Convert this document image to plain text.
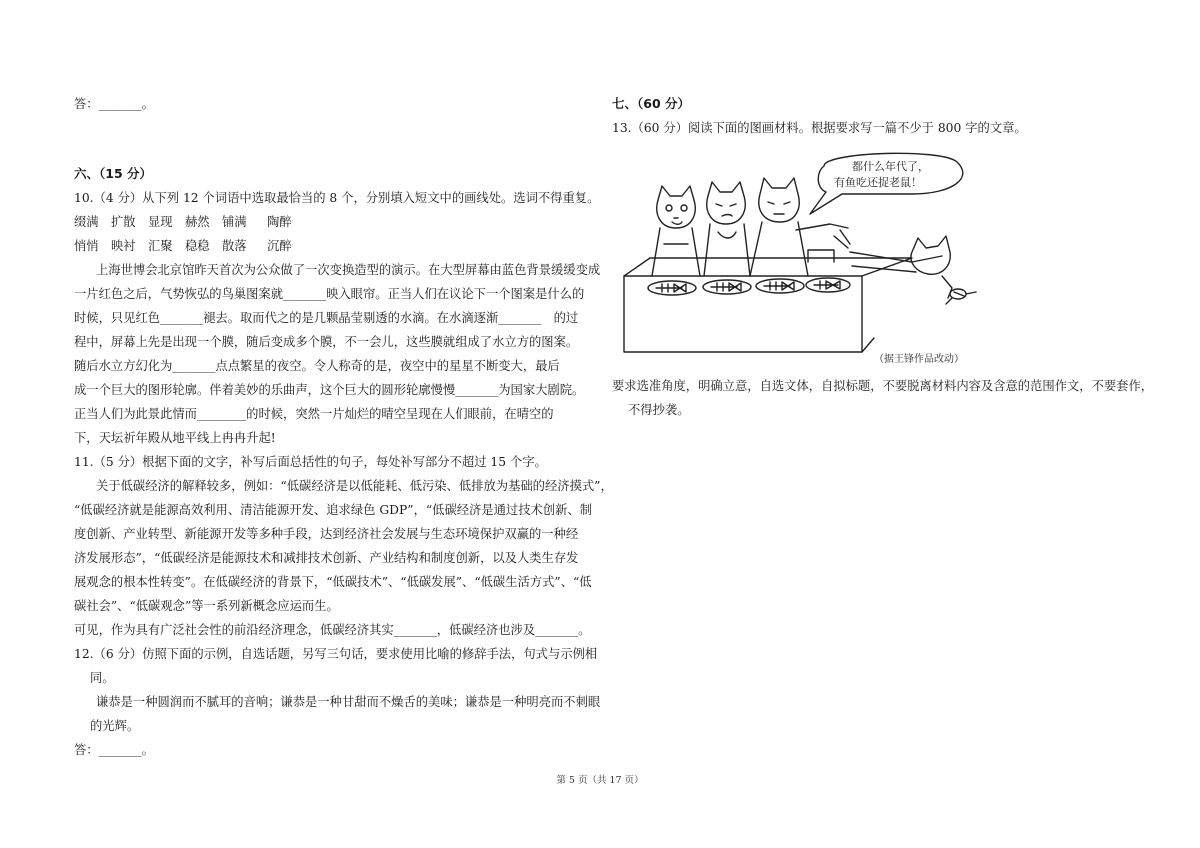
答：_______。
六、（15 分）
10.（4 分）从下列 12 个词语中选取最恰当的 8 个，分别填入短文中的画线处。选词不得重复。
缀满	扩散	显现	赫然	铺满	陶醉
悄悄	映衬	汇聚	稳稳	散落	沉醉
上海世博会北京馆昨天首次为公众做了一次变换造型的演示。在大型屏幕由蓝色背景缓缓变成
一片红色之后，气势恢弘的鸟巢图案就_______映入眼帘。正当人们在议论下一个图案是什么的
时候，只见红色_______褪去。取而代之的是几颗晶莹剔透的水滴。在水滴逐渐_______　的过
程中，屏幕上先是出现一个膜，随后变成多个膜，不一会儿，这些膜就组成了水立方的图案。
随后水立方幻化为_______点点繁星的夜空。令人称奇的是，夜空中的星星不断变大，最后
成一个巨大的图形轮廓。伴着美妙的乐曲声，这个巨大的圆形轮廓慢慢_______为国家大剧院。
正当人们为此景此情而________的时候，突然一片灿烂的晴空呈现在人们眼前，在晴空的
下，天坛祈年殿从地平线上冉冉升起!
11.（5 分）根据下面的文字，补写后面总括性的句子，每处补写部分不超过 15 个字。
关于低碳经济的解释较多，例如：“低碳经济是以低能耗、低污染、低排放为基础的经济摸式”，
“低碳经济就是能源高效利用、清洁能源开发、追求绿色 GDP”，“低碳经济是通过技术创新、制
度创新、产业转型、新能源开发等多种手段，达到经济社会发展与生态环境保护双赢的一种经
济发展形态”，“低碳经济是能源技术和减排技术创新、产业结构和制度创新，以及人类生存发
展观念的根本性转变”。在低碳经济的背景下，“低碳技术”、“低碳发展”、“低碳生活方式”、“低
碳社会”、“低碳观念”等一系列新概念应运而生。
可见，作为具有广泛社会性的前沿经济理念，低碳经济其实_______，低碳经济也涉及_______。
12.（6 分）仿照下面的示例，自选话题，另写三句话，要求使用比喻的修辞手法，句式与示例相
同。
谦恭是一种圆润而不腻耳的音响；谦恭是一种甘甜而不燥舌的美味；谦恭是一种明亮而不刺眼
的光辉。
答：_______。
七、（60 分）
13.（60 分）阅读下面的图画材料。根据要求写一篇不少于 800 字的文章。
都什么年代了，
有鱼吃还捉老鼠！
（据王锋作品改动）
要求选准角度，明确立意，自选文体，自拟标题，不要脱离材料内容及含意的范围作文，不要套作，
不得抄袭。
第 5 页（共 17 页）
